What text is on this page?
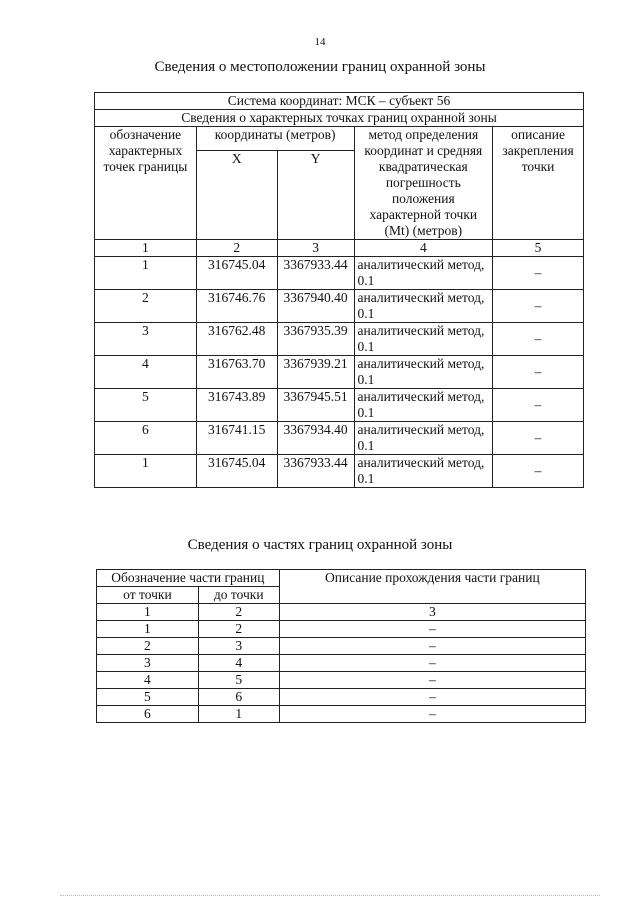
14
Сведения о местоположении границ охранной зоны
Система координат: МСК – субъект 56				
Сведения о характерных точках границ охранной зоны				
обозначение характерных точек границы	координаты (метров)		метод определения координат и средняя квадратическая погрешность положения характерной точки (Mt) (метров)	описание закрепления точки
	X	Y		
1	2	3	4	5
1	316745.04	3367933.44	аналитический метод, 0.1	–
2	316746.76	3367940.40	аналитический метод, 0.1	–
3	316762.48	3367935.39	аналитический метод, 0.1	–
4	316763.70	3367939.21	аналитический метод, 0.1	–
5	316743.89	3367945.51	аналитический метод, 0.1	–
6	316741.15	3367934.40	аналитический метод, 0.1	–
1	316745.04	3367933.44	аналитический метод, 0.1	–
Сведения о частях границ охранной зоны
Обозначение части границ		Описание прохождения части границ
от точки	до точки	
1	2	3
1	2	–
2	3	–
3	4	–
4	5	–
5	6	–
6	1	–
